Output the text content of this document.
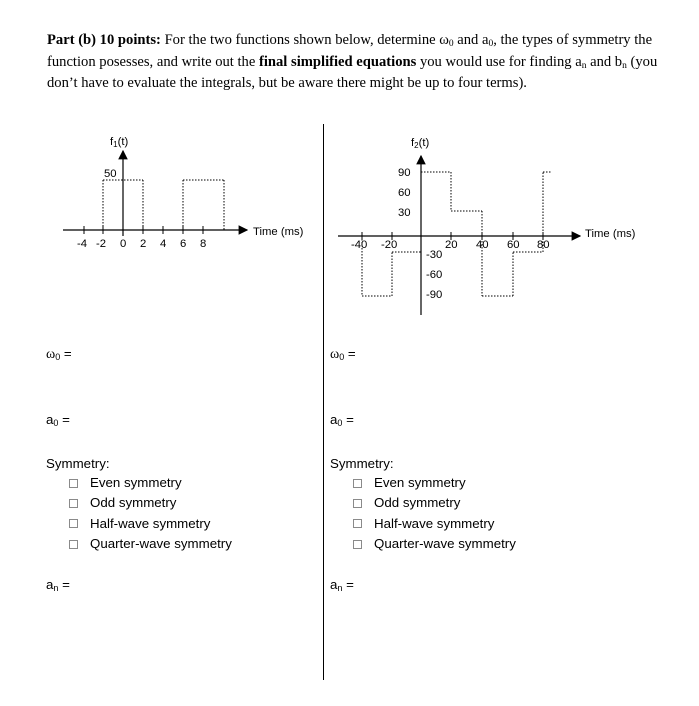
Part (b) 10 points: For the two functions shown below, determine $\omega_0$ and $a_0$, the types of symmetry the function posesses, and write out the final simplified equations you would use for finding $a_n$ and $b_n$ (you don’t have to evaluate the integrals, but be aware there might be up to four terms).
f1(t)
50
Time (ms)
-4 -2 0 2 4 6 8
f2(t)
90
60
30
-30
-60
-90
Time (ms)
-40 -20	20 40 60 80
$\omega_0$ =
$a_0$ =

Symmetry:

Even symmetry
Odd symmetry
Half-wave symmetry
Quarter-wave symmetry
$a_n$ =
$\omega_0$ =
$a_0$ =

Symmetry:

Even symmetry
Odd symmetry
Half-wave symmetry
Quarter-wave symmetry
$a_n$ =
